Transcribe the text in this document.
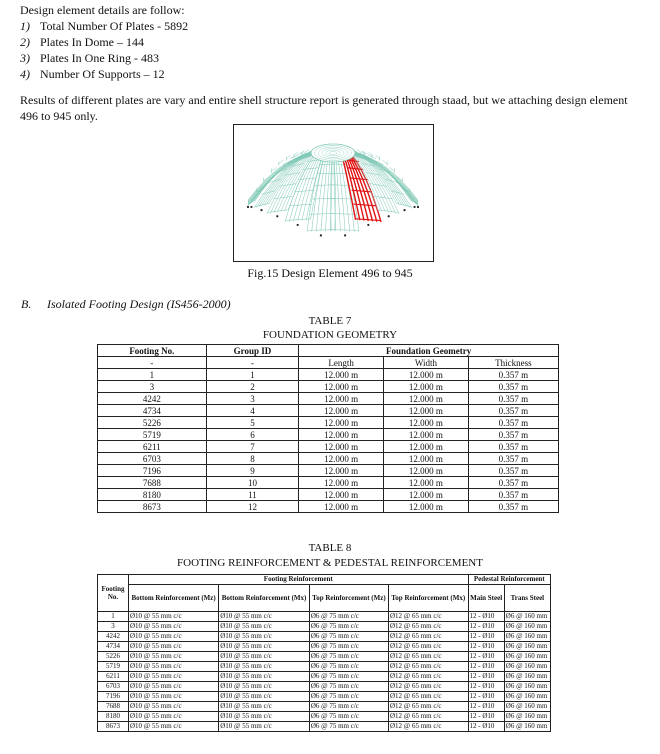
Design element details are follow:

1) Total Number Of Plates - 5892
2) Plates In Dome – 144
3) Plates In One Ring - 483
4) Number Of Supports – 12

Results of different plates are vary and entire shell structure report is generated through staad, but we attaching design element 496 to 945 only.

Fig.15 Design Element 496 to 945
B. Isolated Footing Design (IS456-2000)
TABLE 7
FOUNDATION GEOMETRY
Footing No.	Group ID	Foundation Geometry		
-	-	Length	Width	Thickness
1	1	12.000 m	12.000 m	0.357 m
3	2	12.000 m	12.000 m	0.357 m
4242	3	12.000 m	12.000 m	0.357 m
4734	4	12.000 m	12.000 m	0.357 m
5226	5	12.000 m	12.000 m	0.357 m
5719	6	12.000 m	12.000 m	0.357 m
6211	7	12.000 m	12.000 m	0.357 m
6703	8	12.000 m	12.000 m	0.357 m
7196	9	12.000 m	12.000 m	0.357 m
7688	10	12.000 m	12.000 m	0.357 m
8180	11	12.000 m	12.000 m	0.357 m
8673	12	12.000 m	12.000 m	0.357 m
TABLE 8
FOOTING REINFORCEMENT & PEDESTAL REINFORCEMENT
Footing No.	Footing Reinforcement				Pedestal Reinforcement	
	Bottom Reinforcement (Mz)	Bottom Reinforcement (Mx)	Top Reinforcement (Mz)	Top Reinforcement (Mx)	Main Steel	Trans Steel
1	Ø10 @ 55 mm c/c	Ø10 @ 55 mm c/c	Ø6 @ 75 mm c/c	Ø12 @ 65 mm c/c	12 - Ø10	Ø6 @ 160 mm
3	Ø10 @ 55 mm c/c	Ø10 @ 55 mm c/c	Ø6 @ 75 mm c/c	Ø12 @ 65 mm c/c	12 - Ø10	Ø6 @ 160 mm
4242	Ø10 @ 55 mm c/c	Ø10 @ 55 mm c/c	Ø6 @ 75 mm c/c	Ø12 @ 65 mm c/c	12 - Ø10	Ø6 @ 160 mm
4734	Ø10 @ 55 mm c/c	Ø10 @ 55 mm c/c	Ø6 @ 75 mm c/c	Ø12 @ 65 mm c/c	12 - Ø10	Ø6 @ 160 mm
5226	Ø10 @ 55 mm c/c	Ø10 @ 55 mm c/c	Ø6 @ 75 mm c/c	Ø12 @ 65 mm c/c	12 - Ø10	Ø6 @ 160 mm
5719	Ø10 @ 55 mm c/c	Ø10 @ 55 mm c/c	Ø6 @ 75 mm c/c	Ø12 @ 65 mm c/c	12 - Ø10	Ø6 @ 160 mm
6211	Ø10 @ 55 mm c/c	Ø10 @ 55 mm c/c	Ø6 @ 75 mm c/c	Ø12 @ 65 mm c/c	12 - Ø10	Ø6 @ 160 mm
6703	Ø10 @ 55 mm c/c	Ø10 @ 55 mm c/c	Ø6 @ 75 mm c/c	Ø12 @ 65 mm c/c	12 - Ø10	Ø6 @ 160 mm
7196	Ø10 @ 55 mm c/c	Ø10 @ 55 mm c/c	Ø6 @ 75 mm c/c	Ø12 @ 65 mm c/c	12 - Ø10	Ø6 @ 160 mm
7688	Ø10 @ 55 mm c/c	Ø10 @ 55 mm c/c	Ø6 @ 75 mm c/c	Ø12 @ 65 mm c/c	12 - Ø10	Ø6 @ 160 mm
8180	Ø10 @ 55 mm c/c	Ø10 @ 55 mm c/c	Ø6 @ 75 mm c/c	Ø12 @ 65 mm c/c	12 - Ø10	Ø6 @ 160 mm
8673	Ø10 @ 55 mm c/c	Ø10 @ 55 mm c/c	Ø6 @ 75 mm c/c	Ø12 @ 65 mm c/c	12 - Ø10	Ø6 @ 160 mm
